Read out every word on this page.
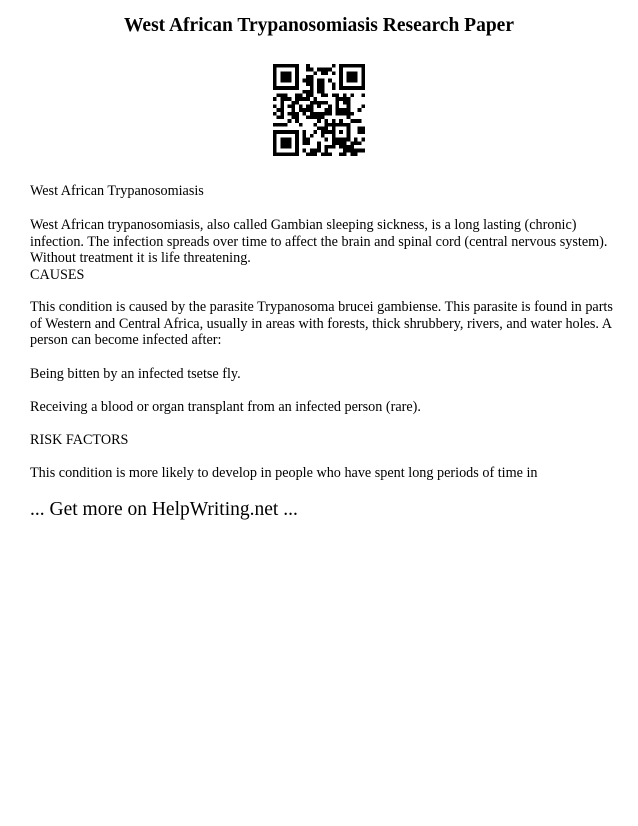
West African Trypanosomiasis Research Paper

West African Trypanosomiasis

West African trypanosomiasis, also called Gambian sleeping sickness, is a long lasting (chronic) infection. The infection spreads over time to affect the brain and spinal cord (central nervous system). Without treatment it is life threatening.
CAUSES

This condition is caused by the parasite Trypanosoma brucei gambiense. This parasite is found in parts of Western and Central Africa, usually in areas with forests, thick shrubbery, rivers, and water holes. A person can become infected after:

Being bitten by an infected tsetse fly.

Receiving a blood or organ transplant from an infected person (rare).

RISK FACTORS

This condition is more likely to develop in people who have spent long periods of time in

... Get more on HelpWriting.net ...
